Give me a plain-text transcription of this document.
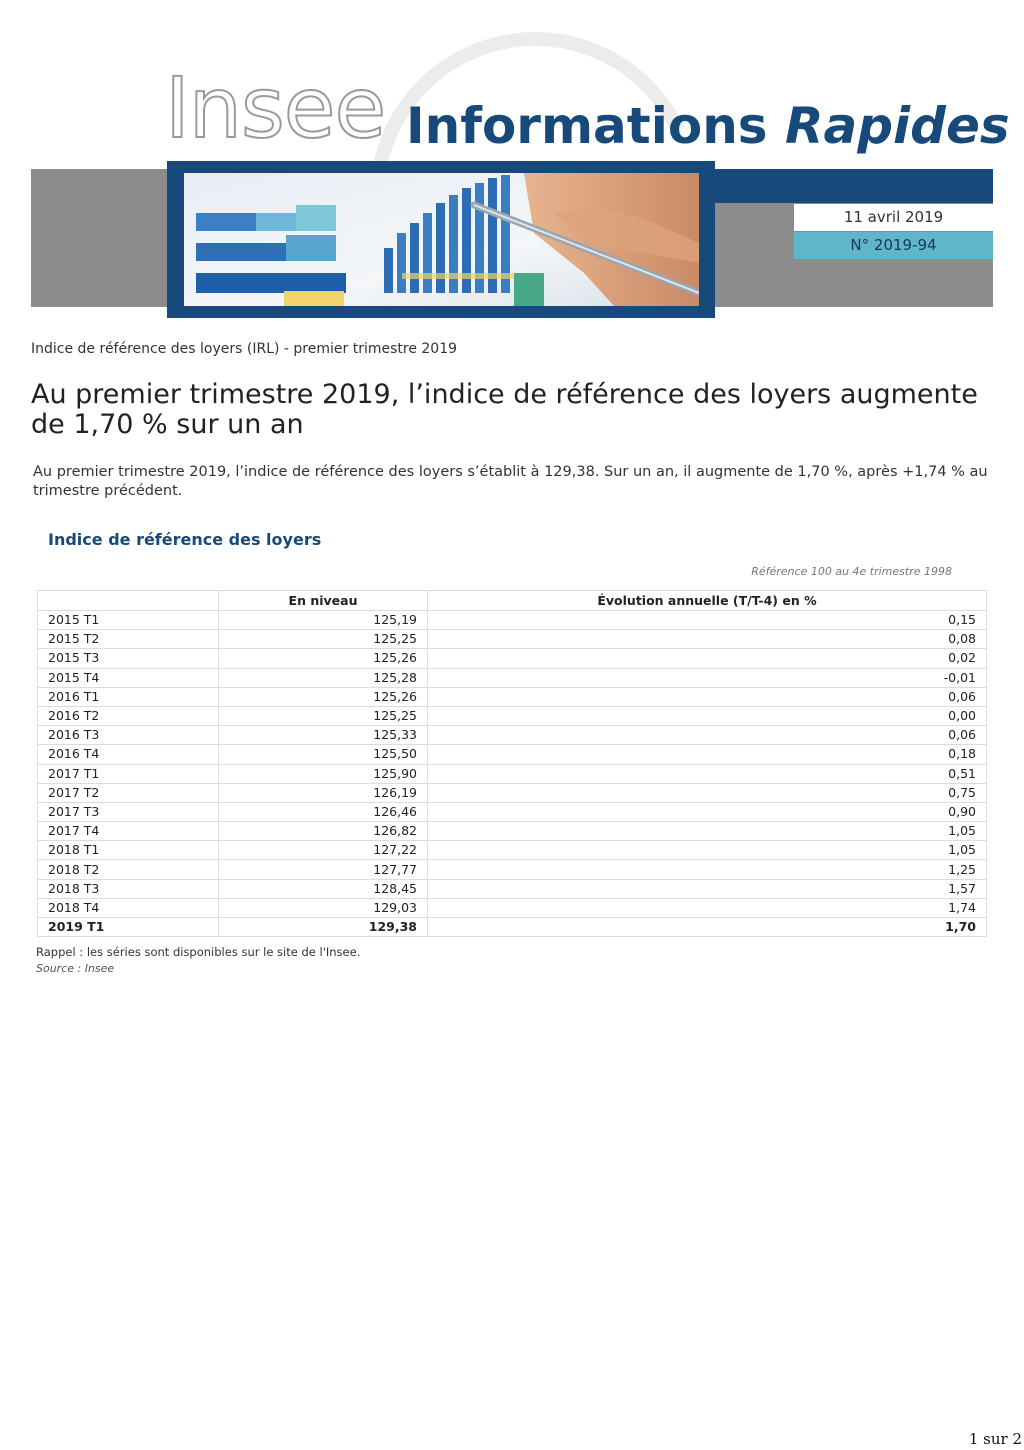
Insee Informations Rapides
11 avril 2019
N° 2019-94
Indice de référence des loyers (IRL) - premier trimestre 2019
Au premier trimestre 2019, l’indice de référence des loyers augmente de 1,70 % sur un an
Au premier trimestre 2019, l’indice de référence des loyers s’établit à 129,38. Sur un an, il augmente de 1,70 %, après +1,74 % au trimestre précédent.
Indice de référence des loyers
Référence 100 au 4e trimestre 1998
	En niveau	Évolution annuelle (T/T-4) en %
2015 T1	125,19	0,15
2015 T2	125,25	0,08
2015 T3	125,26	0,02
2015 T4	125,28	-0,01
2016 T1	125,26	0,06
2016 T2	125,25	0,00
2016 T3	125,33	0,06
2016 T4	125,50	0,18
2017 T1	125,90	0,51
2017 T2	126,19	0,75
2017 T3	126,46	0,90
2017 T4	126,82	1,05
2018 T1	127,22	1,05
2018 T2	127,77	1,25
2018 T3	128,45	1,57
2018 T4	129,03	1,74
2019 T1	129,38	1,70
Rappel : les séries sont disponibles sur le site de l'Insee.
Source : Insee
1 sur 2
